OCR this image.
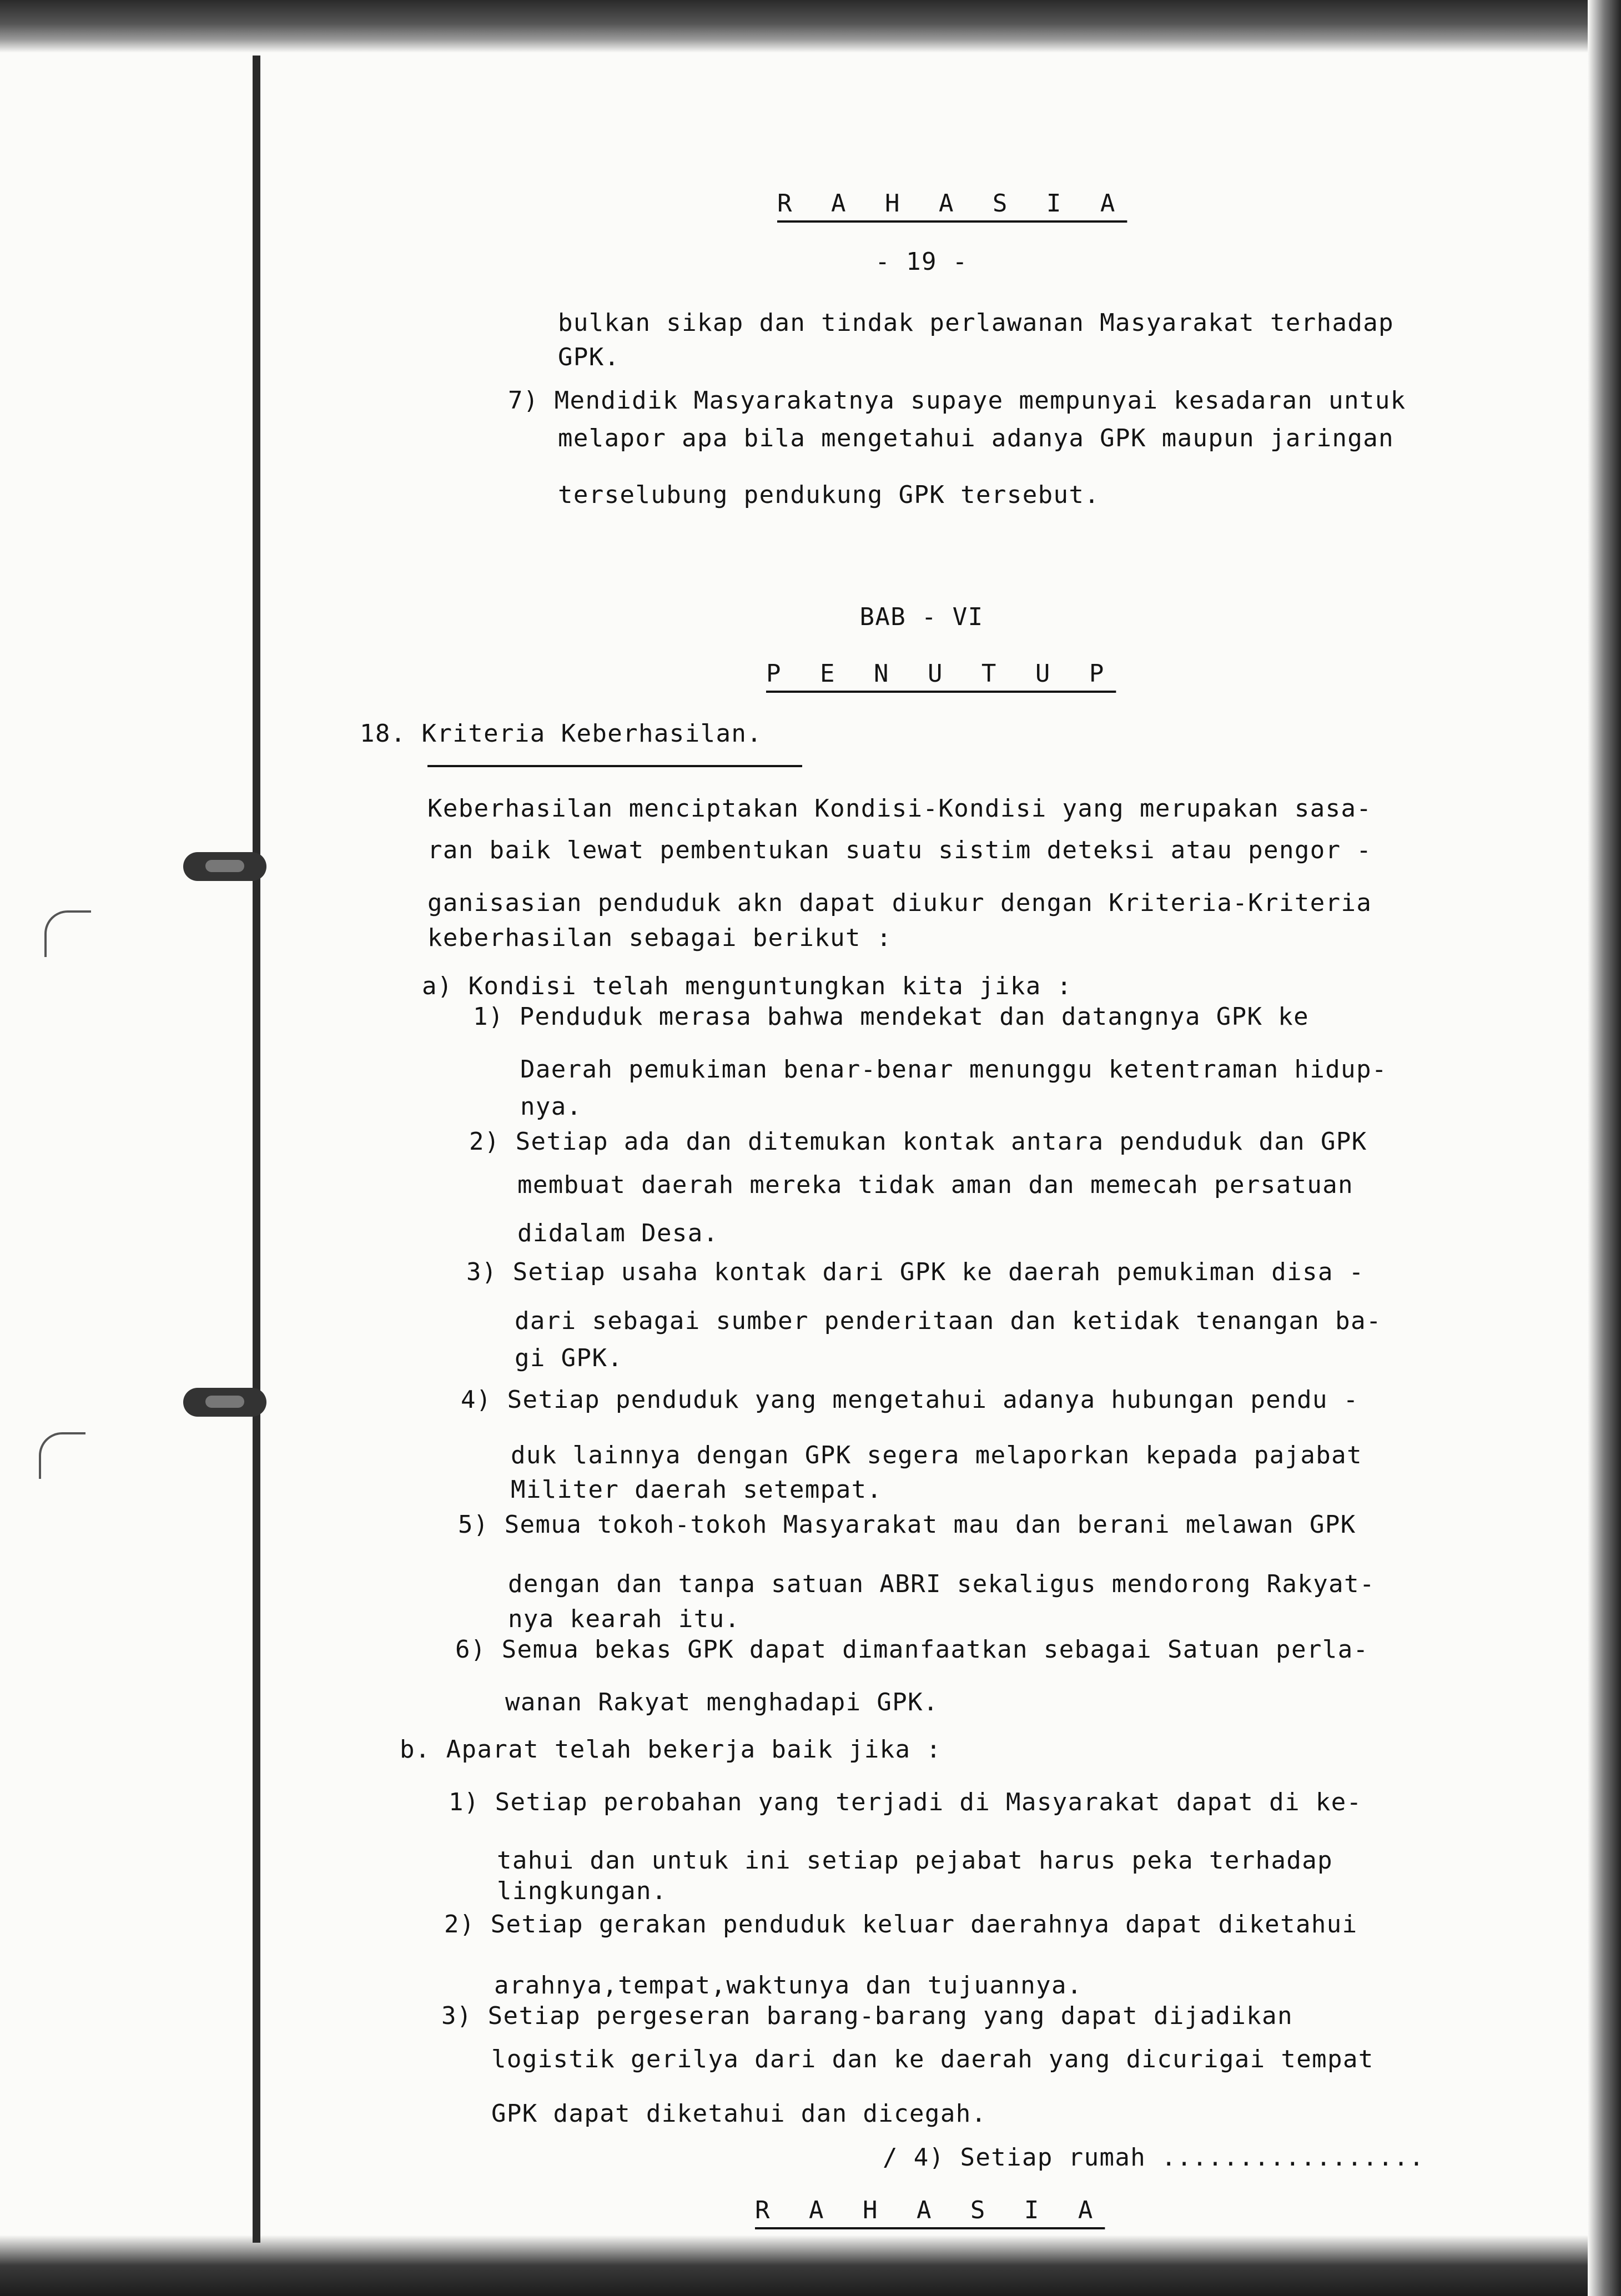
R A H A S I A
- 19 -
bulkan sikap dan tindak perlawanan Masyarakat terhadap
GPK.
7) Mendidik Masyarakatnya supaye mempunyai kesadaran untuk
melapor apa bila mengetahui adanya GPK maupun jaringan
terselubung pendukung GPK tersebut.
BAB - VI
P E N U T U P
18. Kriteria Keberhasilan.
Keberhasilan menciptakan Kondisi-Kondisi yang merupakan sasa-
ran baik lewat pembentukan suatu sistim deteksi atau pengor -
ganisasian penduduk akn dapat diukur dengan Kriteria-Kriteria
keberhasilan sebagai berikut :
a) Kondisi telah menguntungkan kita jika :
1) Penduduk merasa bahwa mendekat dan datangnya GPK ke
Daerah pemukiman benar-benar menunggu ketentraman hidup-
nya.
2) Setiap ada dan ditemukan kontak antara penduduk dan GPK
membuat daerah mereka tidak aman dan memecah persatuan
didalam Desa.
3) Setiap usaha kontak dari GPK ke daerah pemukiman disa -
dari sebagai sumber penderitaan dan ketidak tenangan ba-
gi GPK.
4) Setiap penduduk yang mengetahui adanya hubungan pendu -
duk lainnya dengan GPK segera melaporkan kepada pajabat
Militer daerah setempat.
5) Semua tokoh-tokoh Masyarakat mau dan berani melawan GPK
dengan dan tanpa satuan ABRI sekaligus mendorong Rakyat-
nya kearah itu.
6) Semua bekas GPK dapat dimanfaatkan sebagai Satuan perla-
wanan Rakyat menghadapi GPK.
b. Aparat telah bekerja baik jika :
1) Setiap perobahan yang terjadi di Masyarakat dapat di ke-
tahui dan untuk ini setiap pejabat harus peka terhadap
lingkungan.
2) Setiap gerakan penduduk keluar daerahnya dapat diketahui
arahnya,tempat,waktunya dan tujuannya.
3) Setiap pergeseran barang-barang yang dapat dijadikan
logistik gerilya dari dan ke daerah yang dicurigai tempat
GPK dapat diketahui dan dicegah.
/ 4) Setiap rumah .................
R A H A S I A
